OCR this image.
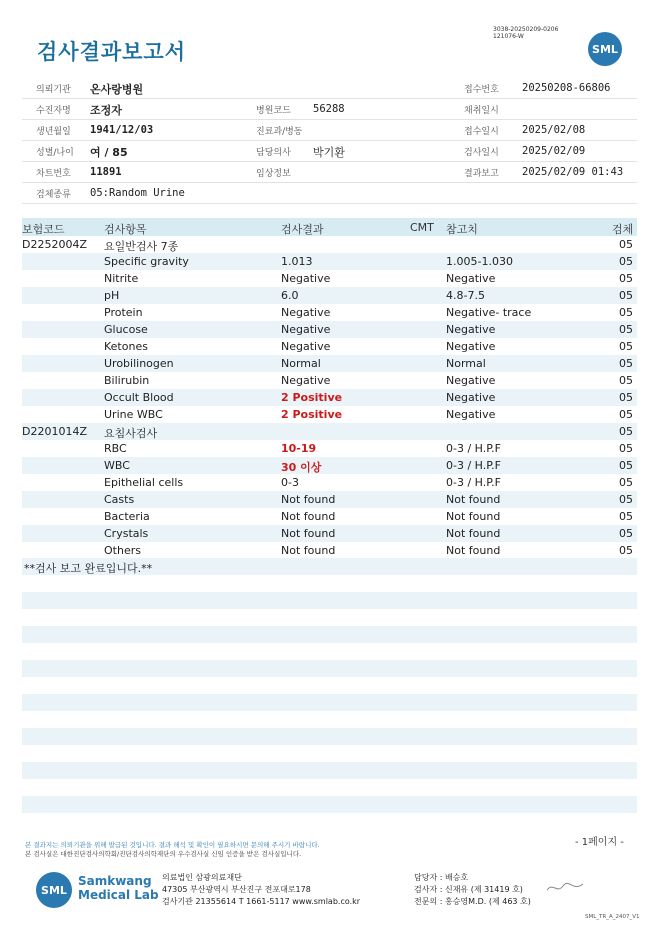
검사결과보고서
3038-20250209-0206
121076-W
SML
의뢰기관 온사랑병원	접수번호 20250208-66806
수진자명 조정자	병원코드 56288	채취일시
생년월일 1941/12/03	진료과/병동	접수일시 2025/02/08
성별/나이 여 / 85	담당의사 박기환	검사일시 2025/02/09
차트번호 11891	임상정보	결과보고 2025/02/09 01:43
검체종류 05:Random Urine
보험코드	검사항목	검사결과	CMT 참고치	검체
D2252004Z 요일반검사 7종	05
Specific gravity	1.013	1.005-1.030	05
Nitrite	Negative	Negative	05
pH	6.0	4.8-7.5	05
Protein	Negative	Negative- trace	05
Glucose	Negative	Negative	05
Ketones	Negative	Negative	05
Urobilinogen	Normal	Normal	05
Bilirubin	Negative	Negative	05
Occult Blood	2 Positive	Negative	05
Urine WBC	2 Positive	Negative	05
D2201014Z 요침사검사	05
RBC	10-19	0-3 / H.P.F	05
WBC	30 이상	0-3 / H.P.F	05
Epithelial cells	0-3	0-3 / H.P.F	05
Casts	Not found	Not found	05
Bacteria	Not found	Not found	05
Crystals	Not found	Not found	05
Others	Not found	Not found	05
**검사 보고 완료입니다.**
- 1페이지 -
본 결과지는 의뢰기관을 위해 발급된 것입니다. 결과 해석 및 확인이 필요하시면 문의해 주시기 바랍니다.
본 검사실은 대한진단검사의학회/진단검사의학재단의 우수검사실 신임 인증을 받은 검사실입니다.
SML
Samkwang
Medical Lab
의료법인 삼광의료재단
47305 부산광역시 부산진구 전포대로178
검사기관 21355614 T 1661-5117 www.smlab.co.kr
담당자 : 배승호
검사자 : 신재유 (제 31419 호)
전문의 : 홍승영M.D. (제 463 호)
SML_TR_A_2407_V1
